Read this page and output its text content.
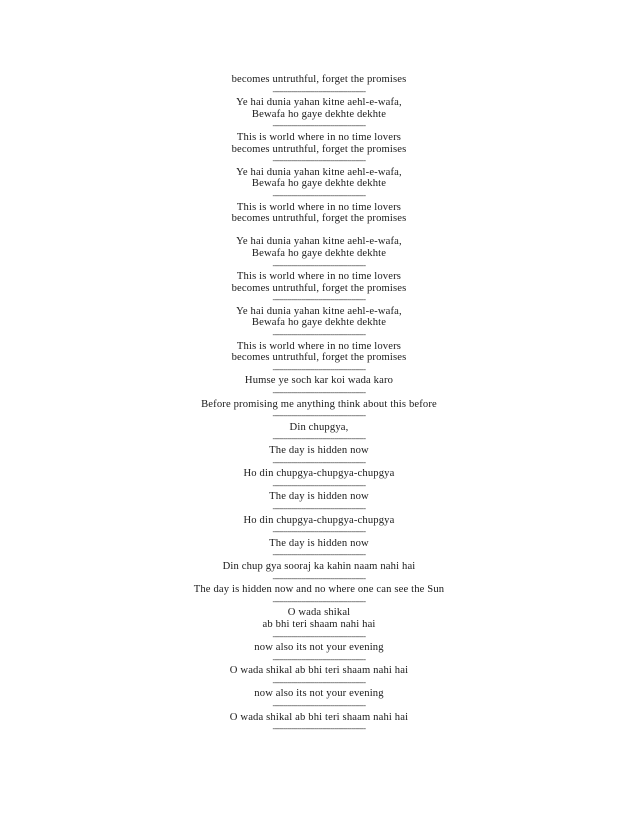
becomes untruthful, forget the promises
---------------------------------------------
Ye hai dunia yahan kitne aehl-e-wafa,
Bewafa ho gaye dekhte dekhte
---------------------------------------------
This is world where in no time lovers
becomes untruthful, forget the promises
---------------------------------------------
Ye hai dunia yahan kitne aehl-e-wafa,
Bewafa ho gaye dekhte dekhte
---------------------------------------------
This is world where in no time lovers
becomes untruthful, forget the promises
Ye hai dunia yahan kitne aehl-e-wafa,
Bewafa ho gaye dekhte dekhte
---------------------------------------------
This is world where in no time lovers
becomes untruthful, forget the promises
---------------------------------------------
Ye hai dunia yahan kitne aehl-e-wafa,
Bewafa ho gaye dekhte dekhte
---------------------------------------------
This is world where in no time lovers
becomes untruthful, forget the promises
---------------------------------------------
Humse ye soch kar koi wada karo
---------------------------------------------
Before promising me anything think about this before
---------------------------------------------
Din chupgya,
---------------------------------------------
The day is hidden now
---------------------------------------------
Ho din chupgya-chupgya-chupgya
---------------------------------------------
The day is hidden now
---------------------------------------------
Ho din chupgya-chupgya-chupgya
---------------------------------------------
The day is hidden now
---------------------------------------------
Din chup gya sooraj ka kahin naam nahi hai
---------------------------------------------
The day is hidden now and no where one can see the Sun
---------------------------------------------
O wada shikal
ab bhi teri shaam nahi hai
---------------------------------------------
now also its not your evening
---------------------------------------------
O wada shikal ab bhi teri shaam nahi hai
---------------------------------------------
now also its not your evening
---------------------------------------------
O wada shikal ab bhi teri shaam nahi hai
---------------------------------------------
